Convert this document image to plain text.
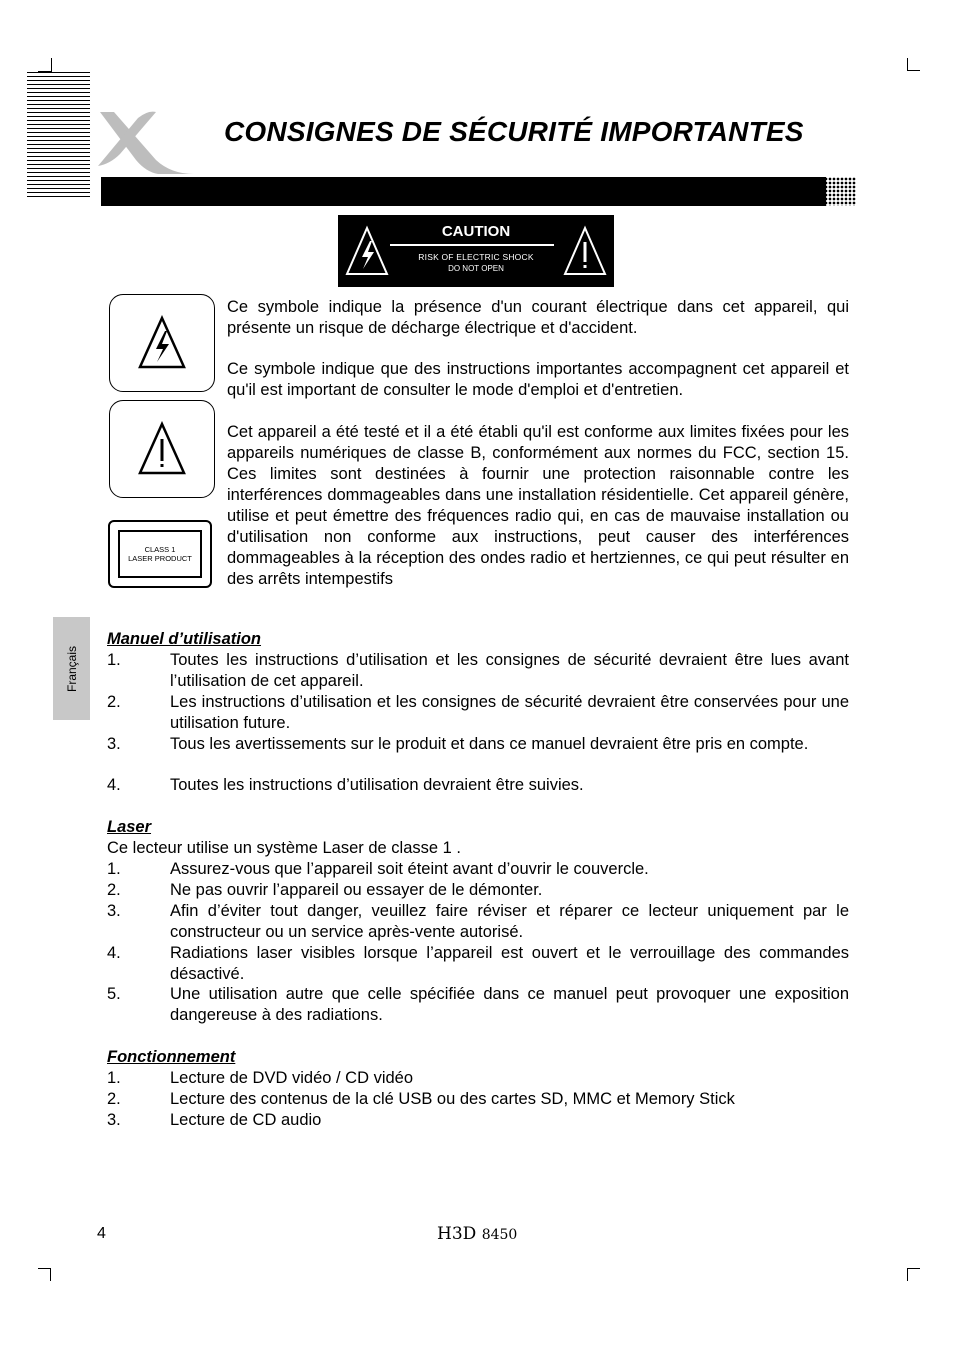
CONSIGNES DE SÉCURITÉ IMPORTANTES
CAUTION
RISK OF ELECTRIC SHOCK
DO NOT OPEN
CLASS 1
LASER PRODUCT

Ce symbole indique la présence d'un courant électrique dans cet appareil, qui présente un risque de décharge électrique et d'accident.

Ce symbole indique que des instructions importantes accompagnent cet appareil et qu'il est important de consulter le mode d'emploi et d'entretien.

Cet appareil a été testé et il a été établi qu'il est conforme aux limites fixées pour les appareils numériques de classe B, conformément aux normes du FCC, section 15. Ces limites sont destinées à fournir une protection raisonnable contre les interférences dommageables dans une installation résidentielle. Cet appareil génère, utilise et peut émettre des fréquences radio qui, en cas de mauvaise installation ou d'utilisation non conforme aux instructions, peut causer des interférences dommageables à la réception des ondes radio et hertziennes, ce qui peut résulter en des arrêts intempestifs

Français

Manuel d’utilisation

1.	Toutes les instructions d’utilisation et les consignes de sécurité devraient être lues avant l’utilisation de cet appareil.
2.	Les instructions d’utilisation et les consignes de sécurité devraient être conservées pour une utilisation future.
3.	Tous les avertissements sur le produit et dans ce manuel devraient être pris en compte.
4.	Toutes les instructions d’utilisation devraient être suivies.

Laser

Ce lecteur utilise un système Laser de classe 1 .

1.	Assurez-vous que l’appareil soit éteint avant d’ouvrir le couvercle.
2.	Ne pas ouvrir l’appareil ou essayer de le démonter.
3.	Afin d’éviter tout danger, veuillez faire réviser et réparer ce lecteur uniquement par le constructeur ou un service après-vente autorisé.
4.	Radiations laser visibles lorsque l’appareil est ouvert et le verrouillage des commandes désactivé.
5.	Une utilisation autre que celle spécifiée dans ce manuel peut provoquer une exposition dangereuse à des radiations.

Fonctionnement

1.	Lecture de DVD vidéo / CD vidéo
2.	Lecture des contenus de la clé USB ou des cartes SD, MMC et Memory Stick
3.	Lecture de CD audio
4	H3D 8450
